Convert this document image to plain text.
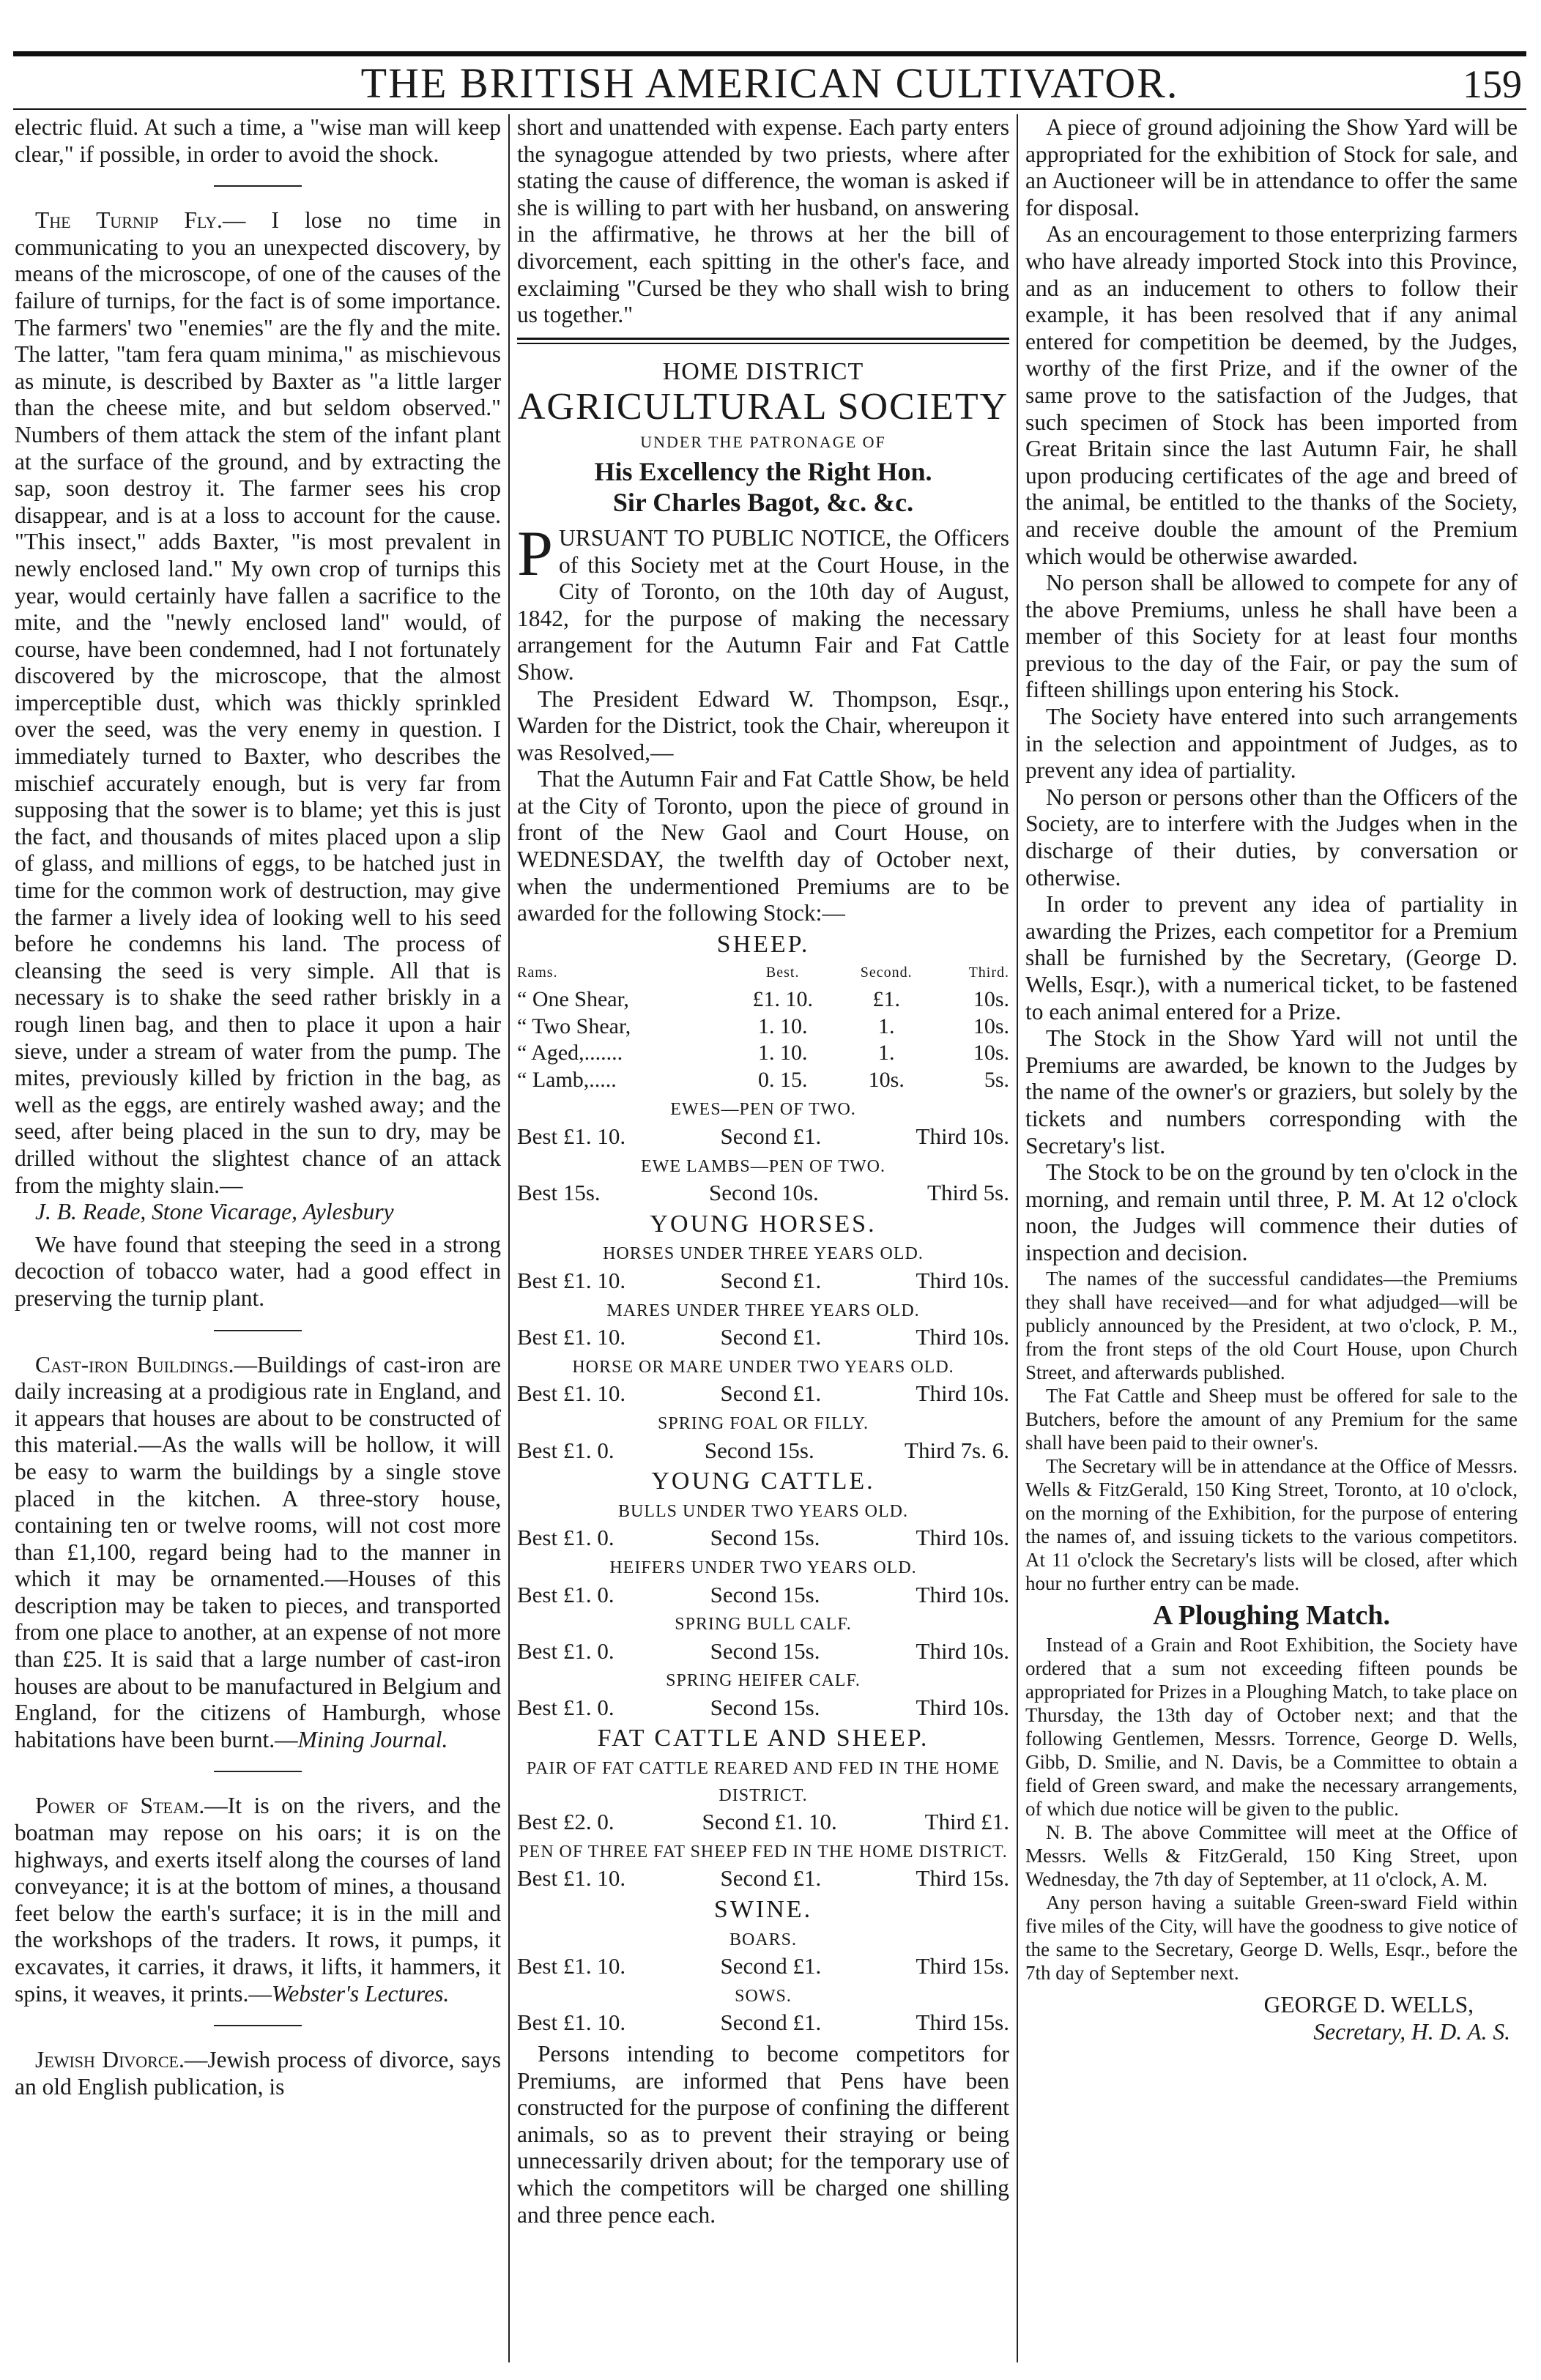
THE BRITISH AMERICAN CULTIVATOR.	159

electric fluid. At such a time, a "wise man will keep clear," if possible, in order to avoid the shock.

The Turnip Fly.— I lose no time in communicating to you an unexpected discovery, by means of the microscope, of one of the causes of the failure of turnips, for the fact is of some importance. The farmers' two "enemies" are the fly and the mite. The latter, "tam fera quam minima," as mischievous as minute, is described by Baxter as "a little larger than the cheese mite, and but seldom observed." Numbers of them attack the stem of the infant plant at the surface of the ground, and by extracting the sap, soon destroy it. The farmer sees his crop disappear, and is at a loss to account for the cause. "This insect," adds Baxter, "is most prevalent in newly enclosed land." My own crop of turnips this year, would certainly have fallen a sacrifice to the mite, and the "newly enclosed land" would, of course, have been condemned, had I not fortunately discovered by the microscope, that the almost imperceptible dust, which was thickly sprinkled over the seed, was the very enemy in question. I immediately turned to Baxter, who describes the mischief accurately enough, but is very far from supposing that the sower is to blame; yet this is just the fact, and thousands of mites placed upon a slip of glass, and millions of eggs, to be hatched just in time for the common work of destruction, may give the farmer a lively idea of looking well to his seed before he condemns his land. The process of cleansing the seed is very simple. All that is necessary is to shake the seed rather briskly in a rough linen bag, and then to place it upon a hair sieve, under a stream of water from the pump. The mites, previously killed by friction in the bag, as well as the eggs, are entirely washed away; and the seed, after being placed in the sun to dry, may be drilled without the slightest chance of an attack from the mighty slain.—

J. B. Reade, Stone Vicarage, Aylesbury

We have found that steeping the seed in a strong decoction of tobacco water, had a good effect in preserving the turnip plant.

Cast-iron Buildings.—Buildings of cast-iron are daily increasing at a prodigious rate in England, and it appears that houses are about to be constructed of this material.—As the walls will be hollow, it will be easy to warm the buildings by a single stove placed in the kitchen. A three-story house, containing ten or twelve rooms, will not cost more than £1,100, regard being had to the manner in which it may be ornamented.—Houses of this description may be taken to pieces, and transported from one place to another, at an expense of not more than £25. It is said that a large number of cast-iron houses are about to be manufactured in Belgium and England, for the citizens of Hamburgh, whose habitations have been burnt.—Mining Journal.

Power of Steam.—It is on the rivers, and the boatman may repose on his oars; it is on the highways, and exerts itself along the courses of land conveyance; it is at the bottom of mines, a thousand feet below the earth's surface; it is in the mill and the workshops of the traders. It rows, it pumps, it excavates, it carries, it draws, it lifts, it hammers, it spins, it weaves, it prints.—Webster's Lectures.

Jewish Divorce.—Jewish process of divorce, says an old English publication, is

short and unattended with expense. Each party enters the synagogue attended by two priests, where after stating the cause of difference, the woman is asked if she is willing to part with her husband, on answering in the affirmative, he throws at her the bill of divorcement, each spitting in the other's face, and exclaiming "Cursed be they who shall wish to bring us together."

HOME DISTRICT
AGRICULTURAL SOCIETY
UNDER THE PATRONAGE OF
His Excellency the Right Hon.
Sir Charles Bagot, &c. &c.

PURSUANT TO PUBLIC NOTICE, the Officers of this Society met at the Court House, in the City of Toronto, on the 10th day of August, 1842, for the purpose of making the necessary arrangement for the Autumn Fair and Fat Cattle Show.

The President Edward W. Thompson, Esqr., Warden for the District, took the Chair, whereupon it was Resolved,—

That the Autumn Fair and Fat Cattle Show, be held at the City of Toronto, upon the piece of ground in front of the New Gaol and Court House, on WEDNESDAY, the twelfth day of October next, when the undermentioned Premiums are to be awarded for the following Stock:—

SHEEP.
Rams.	Best.	Second.	Third.
“ One Shear,	£1. 10.	£1.	10s.
“ Two Shear,	1. 10.	1.	10s.
“ Aged,.......	1. 10.	1.	10s.
“ Lamb,.....	0. 15.	10s.	5s.
EWES—PEN OF TWO.
Best £1. 10.	Second £1.	Third 10s.
EWE LAMBS—PEN OF TWO.
Best 15s.	Second 10s.	Third 5s.
YOUNG HORSES.
HORSES UNDER THREE YEARS OLD.
Best £1. 10.	Second £1.	Third 10s.
MARES UNDER THREE YEARS OLD.
Best £1. 10.	Second £1.	Third 10s.
HORSE OR MARE UNDER TWO YEARS OLD.
Best £1. 10.	Second £1.	Third 10s.
SPRING FOAL OR FILLY.
Best £1. 0.	Second 15s.	Third 7s. 6.
YOUNG CATTLE.
BULLS UNDER TWO YEARS OLD.
Best £1. 0.	Second 15s.	Third 10s.
HEIFERS UNDER TWO YEARS OLD.
Best £1. 0.	Second 15s.	Third 10s.
SPRING BULL CALF.
Best £1. 0.	Second 15s.	Third 10s.
SPRING HEIFER CALF.
Best £1. 0.	Second 15s.	Third 10s.
FAT CATTLE AND SHEEP.
PAIR OF FAT CATTLE REARED AND FED IN THE HOME DISTRICT.
Best £2. 0.	Second £1. 10.	Third £1.
PEN OF THREE FAT SHEEP FED IN THE HOME DISTRICT.
Best £1. 10.	Second £1.	Third 15s.
SWINE.
BOARS.
Best £1. 10.	Second £1.	Third 15s.
SOWS.
Best £1. 10.	Second £1.	Third 15s.

Persons intending to become competitors for Premiums, are informed that Pens have been constructed for the purpose of confining the different animals, so as to prevent their straying or being unnecessarily driven about; for the temporary use of which the competitors will be charged one shilling and three pence each.

A piece of ground adjoining the Show Yard will be appropriated for the exhibition of Stock for sale, and an Auctioneer will be in attendance to offer the same for disposal.

As an encouragement to those enterprizing farmers who have already imported Stock into this Province, and as an inducement to others to follow their example, it has been resolved that if any animal entered for competition be deemed, by the Judges, worthy of the first Prize, and if the owner of the same prove to the satisfaction of the Judges, that such specimen of Stock has been imported from Great Britain since the last Autumn Fair, he shall upon producing certificates of the age and breed of the animal, be entitled to the thanks of the Society, and receive double the amount of the Premium which would be otherwise awarded.

No person shall be allowed to compete for any of the above Premiums, unless he shall have been a member of this Society for at least four months previous to the day of the Fair, or pay the sum of fifteen shillings upon entering his Stock.

The Society have entered into such arrangements in the selection and appointment of Judges, as to prevent any idea of partiality.

No person or persons other than the Officers of the Society, are to interfere with the Judges when in the discharge of their duties, by conversation or otherwise.

In order to prevent any idea of partiality in awarding the Prizes, each competitor for a Premium shall be furnished by the Secretary, (George D. Wells, Esqr.), with a numerical ticket, to be fastened to each animal entered for a Prize.

The Stock in the Show Yard will not until the Premiums are awarded, be known to the Judges by the name of the owner's or graziers, but solely by the tickets and numbers corresponding with the Secretary's list.

The Stock to be on the ground by ten o'clock in the morning, and remain until three, P. M. At 12 o'clock noon, the Judges will commence their duties of inspection and decision.

The names of the successful candidates—the Premiums they shall have received—and for what adjudged—will be publicly announced by the President, at two o'clock, P. M., from the front steps of the old Court House, upon Church Street, and afterwards published.

The Fat Cattle and Sheep must be offered for sale to the Butchers, before the amount of any Premium for the same shall have been paid to their owner's.

The Secretary will be in attendance at the Office of Messrs. Wells & FitzGerald, 150 King Street, Toronto, at 10 o'clock, on the morning of the Exhibition, for the purpose of entering the names of, and issuing tickets to the various competitors. At 11 o'clock the Secretary's lists will be closed, after which hour no further entry can be made.

A Ploughing Match.

Instead of a Grain and Root Exhibition, the Society have ordered that a sum not exceeding fifteen pounds be appropriated for Prizes in a Ploughing Match, to take place on Thursday, the 13th day of October next; and that the following Gentlemen, Messrs. Torrence, George D. Wells, Gibb, D. Smilie, and N. Davis, be a Committee to obtain a field of Green sward, and make the necessary arrangements, of which due notice will be given to the public.

N. B. The above Committee will meet at the Office of Messrs. Wells & FitzGerald, 150 King Street, upon Wednesday, the 7th day of September, at 11 o'clock, A. M.

Any person having a suitable Green-sward Field within five miles of the City, will have the goodness to give notice of the same to the Secretary, George D. Wells, Esqr., before the 7th day of September next.

GEORGE D. WELLS,
Secretary, H. D. A. S.
